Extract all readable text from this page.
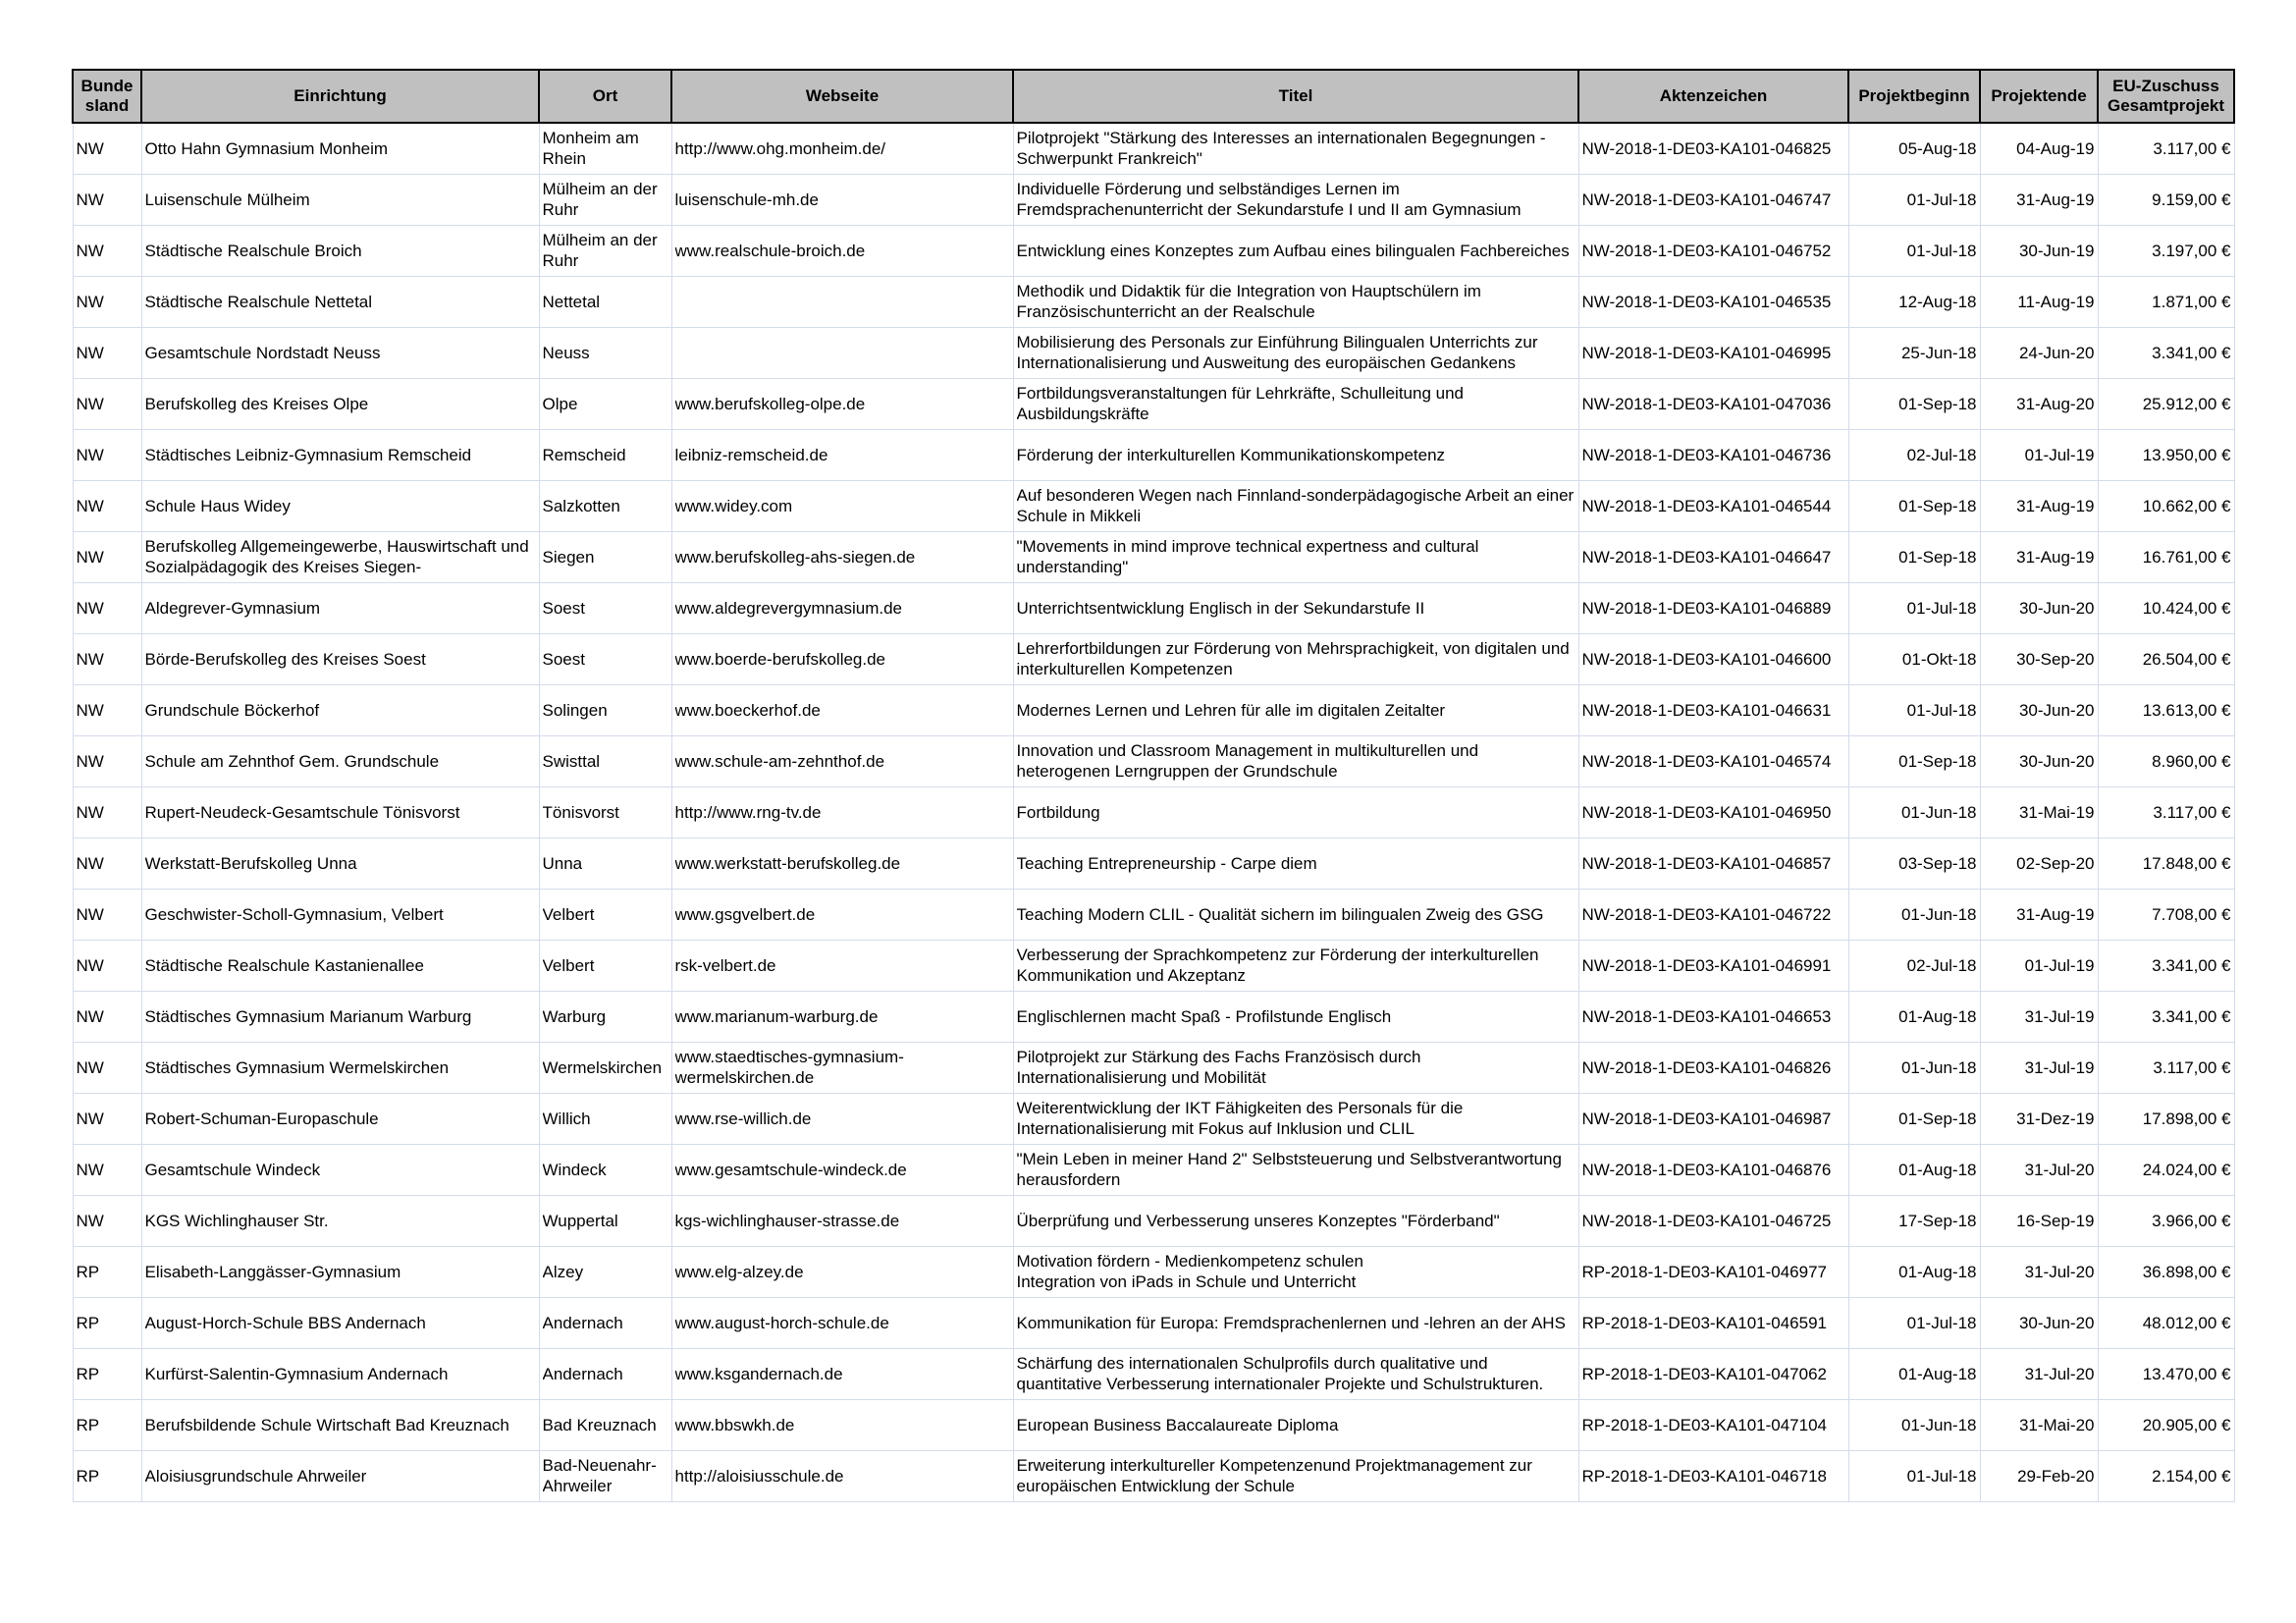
Bunde sland	Einrichtung	Ort	Webseite	Titel	Aktenzeichen	Projektbeginn	Projektende	EU-Zuschuss Gesamtprojekt

NW	Otto Hahn Gymnasium Monheim	Monheim am Rhein	http://www.ohg.monheim.de/	Pilotprojekt "Stärkung des Interesses an internationalen Begegnungen - Schwerpunkt Frankreich"	NW-2018-1-DE03-KA101-046825	05-Aug-18	04-Aug-19	3.117,00 €

NW	Luisenschule Mülheim	Mülheim an der Ruhr	luisenschule-mh.de	Individuelle Förderung und selbständiges Lernen im Fremdsprachenunterricht der Sekundarstufe I und II am Gymnasium	NW-2018-1-DE03-KA101-046747	01-Jul-18	31-Aug-19	9.159,00 €

NW	Städtische Realschule Broich	Mülheim an der Ruhr	www.realschule-broich.de	Entwicklung eines Konzeptes zum Aufbau eines bilingualen Fachbereiches	NW-2018-1-DE03-KA101-046752	01-Jul-18	30-Jun-19	3.197,00 €

NW	Städtische Realschule Nettetal	Nettetal		Methodik und Didaktik für die Integration von Hauptschülern im Französischunterricht an der Realschule	NW-2018-1-DE03-KA101-046535	12-Aug-18	11-Aug-19	1.871,00 €

NW	Gesamtschule Nordstadt Neuss	Neuss		Mobilisierung des Personals zur Einführung Bilingualen Unterrichts zur Internationalisierung und Ausweitung des europäischen Gedankens	NW-2018-1-DE03-KA101-046995	25-Jun-18	24-Jun-20	3.341,00 €

NW	Berufskolleg des Kreises Olpe	Olpe	www.berufskolleg-olpe.de	Fortbildungsveranstaltungen für Lehrkräfte, Schulleitung und Ausbildungskräfte	NW-2018-1-DE03-KA101-047036	01-Sep-18	31-Aug-20	25.912,00 €

NW	Städtisches Leibniz-Gymnasium Remscheid	Remscheid	leibniz-remscheid.de	Förderung der interkulturellen Kommunikationskompetenz	NW-2018-1-DE03-KA101-046736	02-Jul-18	01-Jul-19	13.950,00 €

NW	Schule Haus Widey	Salzkotten	www.widey.com	Auf besonderen Wegen nach Finnland-sonderpädagogische Arbeit an einer Schule in Mikkeli	NW-2018-1-DE03-KA101-046544	01-Sep-18	31-Aug-19	10.662,00 €

NW	Berufskolleg Allgemeingewerbe, Hauswirtschaft und Sozialpädagogik des Kreises Siegen-	Siegen	www.berufskolleg-ahs-siegen.de	"Movements in mind improve technical expertness and cultural understanding"	NW-2018-1-DE03-KA101-046647	01-Sep-18	31-Aug-19	16.761,00 €

NW	Aldegrever-Gymnasium	Soest	www.aldegrevergymnasium.de	Unterrichtsentwicklung Englisch in der Sekundarstufe II	NW-2018-1-DE03-KA101-046889	01-Jul-18	30-Jun-20	10.424,00 €

NW	Börde-Berufskolleg des Kreises Soest	Soest	www.boerde-berufskolleg.de	Lehrerfortbildungen zur Förderung von Mehrsprachigkeit, von digitalen und interkulturellen Kompetenzen	NW-2018-1-DE03-KA101-046600	01-Okt-18	30-Sep-20	26.504,00 €

NW	Grundschule Böckerhof	Solingen	www.boeckerhof.de	Modernes Lernen und Lehren für alle im digitalen Zeitalter	NW-2018-1-DE03-KA101-046631	01-Jul-18	30-Jun-20	13.613,00 €

NW	Schule am Zehnthof Gem. Grundschule	Swisttal	www.schule-am-zehnthof.de	Innovation und Classroom Management in multikulturellen und heterogenen Lerngruppen der Grundschule	NW-2018-1-DE03-KA101-046574	01-Sep-18	30-Jun-20	8.960,00 €

NW	Rupert-Neudeck-Gesamtschule Tönisvorst	Tönisvorst	http://www.rng-tv.de	Fortbildung	NW-2018-1-DE03-KA101-046950	01-Jun-18	31-Mai-19	3.117,00 €

NW	Werkstatt-Berufskolleg Unna	Unna	www.werkstatt-berufskolleg.de	Teaching Entrepreneurship - Carpe diem	NW-2018-1-DE03-KA101-046857	03-Sep-18	02-Sep-20	17.848,00 €

NW	Geschwister-Scholl-Gymnasium, Velbert	Velbert	www.gsgvelbert.de	Teaching Modern CLIL - Qualität sichern im bilingualen Zweig des GSG	NW-2018-1-DE03-KA101-046722	01-Jun-18	31-Aug-19	7.708,00 €

NW	Städtische Realschule Kastanienallee	Velbert	rsk-velbert.de	Verbesserung der Sprachkompetenz zur Förderung der interkulturellen Kommunikation und Akzeptanz	NW-2018-1-DE03-KA101-046991	02-Jul-18	01-Jul-19	3.341,00 €

NW	Städtisches Gymnasium Marianum Warburg	Warburg	www.marianum-warburg.de	Englischlernen macht Spaß - Profilstunde Englisch	NW-2018-1-DE03-KA101-046653	01-Aug-18	31-Jul-19	3.341,00 €

NW	Städtisches Gymnasium Wermelskirchen	Wermelskirchen	www.staedtisches-gymnasium-wermelskirchen.de	Pilotprojekt zur Stärkung des Fachs Französisch durch Internationalisierung und Mobilität	NW-2018-1-DE03-KA101-046826	01-Jun-18	31-Jul-19	3.117,00 €

NW	Robert-Schuman-Europaschule	Willich	www.rse-willich.de	Weiterentwicklung der IKT Fähigkeiten des Personals für die Internationalisierung mit Fokus auf Inklusion und CLIL	NW-2018-1-DE03-KA101-046987	01-Sep-18	31-Dez-19	17.898,00 €

NW	Gesamtschule Windeck	Windeck	www.gesamtschule-windeck.de	"Mein Leben in meiner Hand 2" Selbststeuerung und Selbstverantwortung herausfordern	NW-2018-1-DE03-KA101-046876	01-Aug-18	31-Jul-20	24.024,00 €

NW	KGS Wichlinghauser Str.	Wuppertal	kgs-wichlinghauser-strasse.de	Überprüfung und Verbesserung unseres Konzeptes "Förderband"	NW-2018-1-DE03-KA101-046725	17-Sep-18	16-Sep-19	3.966,00 €

RP	Elisabeth-Langgässer-Gymnasium	Alzey	www.elg-alzey.de	Motivation fördern - Medienkompetenz schulen
Integration von iPads in Schule und Unterricht	RP-2018-1-DE03-KA101-046977	01-Aug-18	31-Jul-20	36.898,00 €

RP	August-Horch-Schule BBS Andernach	Andernach	www.august-horch-schule.de	Kommunikation für Europa: Fremdsprachenlernen und -lehren an der AHS	RP-2018-1-DE03-KA101-046591	01-Jul-18	30-Jun-20	48.012,00 €

RP	Kurfürst-Salentin-Gymnasium Andernach	Andernach	www.ksgandernach.de	Schärfung des internationalen Schulprofils durch qualitative und quantitative Verbesserung internationaler Projekte und Schulstrukturen.	RP-2018-1-DE03-KA101-047062	01-Aug-18	31-Jul-20	13.470,00 €

RP	Berufsbildende Schule Wirtschaft Bad Kreuznach	Bad Kreuznach	www.bbswkh.de	European Business Baccalaureate Diploma	RP-2018-1-DE03-KA101-047104	01-Jun-18	31-Mai-20	20.905,00 €

RP	Aloisiusgrundschule Ahrweiler	Bad-Neuenahr-Ahrweiler	http://aloisiusschule.de	Erweiterung interkultureller Kompetenzenund Projektmanagement zur europäischen Entwicklung der Schule	RP-2018-1-DE03-KA101-046718	01-Jul-18	29-Feb-20	2.154,00 €
